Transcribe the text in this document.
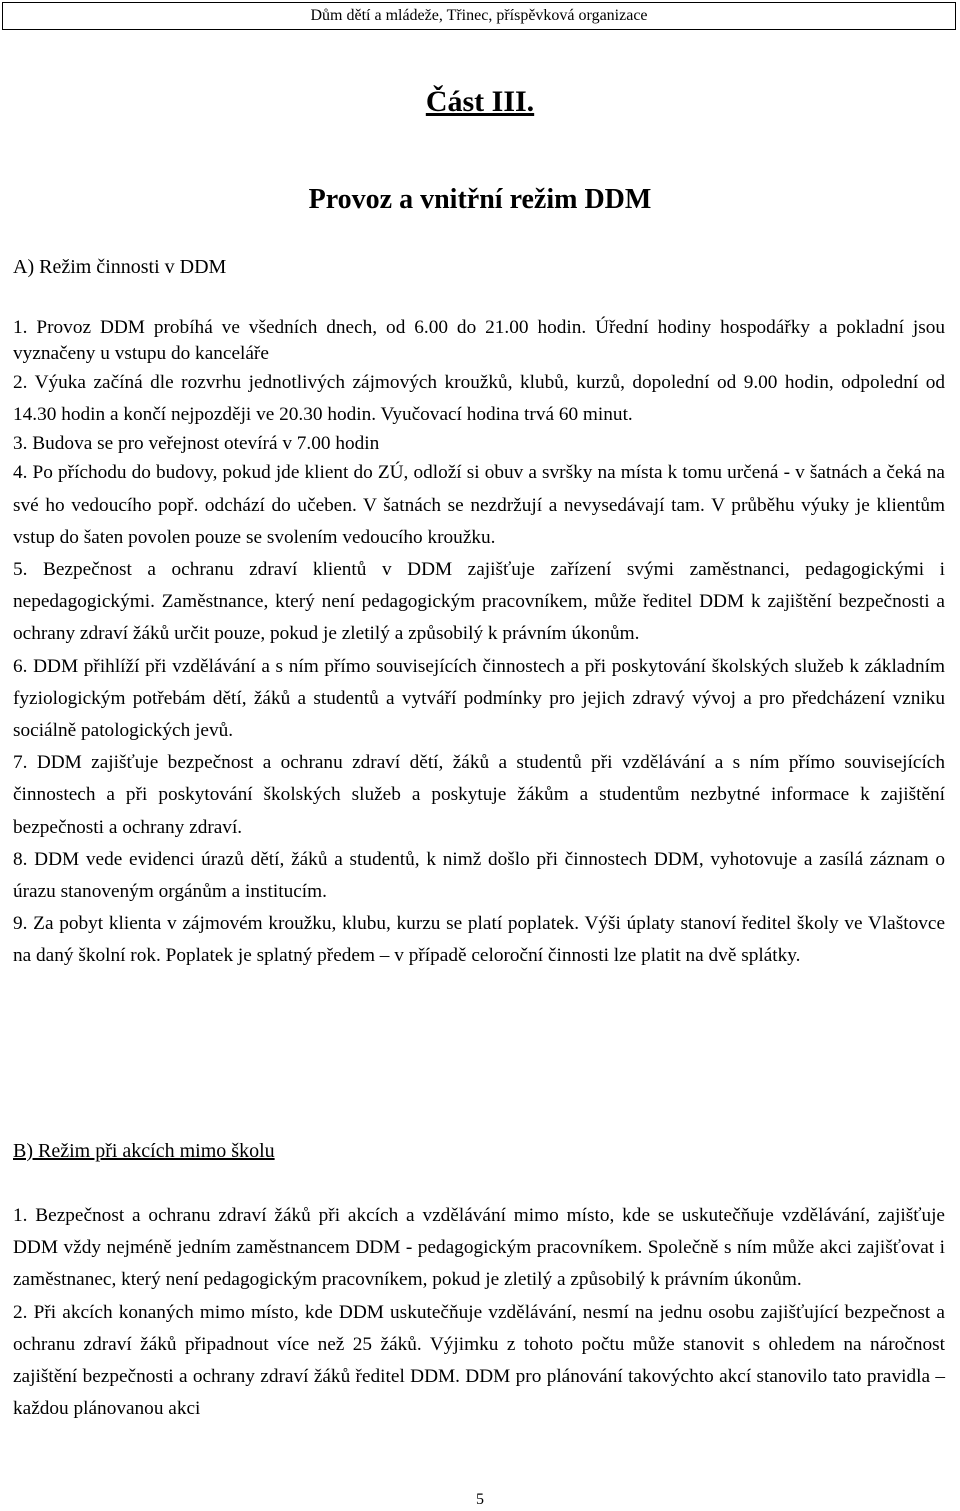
Dům dětí a mládeže, Třinec, příspěvková organizace
Část III.
Provoz a vnitřní režim DDM
A) Režim činnosti v DDM
1. Provoz DDM probíhá ve všedních dnech, od 6.00 do 21.00 hodin. Úřední hodiny hospodářky a pokladní jsou vyznačeny u vstupu do kanceláře
2. Výuka začíná dle rozvrhu jednotlivých zájmových kroužků, klubů, kurzů, dopolední od 9.00 hodin, odpolední od 14.30 hodin a končí nejpozději ve 20.30 hodin. Vyučovací hodina trvá 60 minut.
3. Budova se pro veřejnost otevírá v 7.00 hodin
4. Po příchodu do budovy, pokud jde klient do ZÚ, odloží si obuv a svršky na místa k tomu určená - v šatnách a čeká na své ho vedoucího popř. odchází do učeben. V šatnách se nezdržují a nevysedávají tam. V průběhu výuky je klientům vstup do šaten povolen pouze se svolením vedoucího kroužku.
5. Bezpečnost a ochranu zdraví klientů v DDM zajišťuje zařízení svými zaměstnanci, pedagogickými i nepedagogickými. Zaměstnance, který není pedagogickým pracovníkem, může ředitel DDM k zajištění bezpečnosti a ochrany zdraví žáků určit pouze, pokud je zletilý a způsobilý k právním úkonům.
6. DDM přihlíží při vzdělávání a s ním přímo souvisejících činnostech a při poskytování školských služeb k základním fyziologickým potřebám dětí, žáků a studentů a vytváří podmínky pro jejich zdravý vývoj a pro předcházení vzniku sociálně patologických jevů.
7. DDM zajišťuje bezpečnost a ochranu zdraví dětí, žáků a studentů při vzdělávání a s ním přímo souvisejících činnostech a při poskytování školských služeb a poskytuje žákům a studentům nezbytné informace k zajištění bezpečnosti a ochrany zdraví.
8. DDM vede evidenci úrazů dětí, žáků a studentů, k nimž došlo při činnostech DDM, vyhotovuje a zasílá záznam o úrazu stanoveným orgánům a institucím.
9. Za pobyt klienta v zájmovém kroužku, klubu, kurzu se platí poplatek. Výši úplaty stanoví ředitel školy ve Vlaštovce na daný školní rok. Poplatek je splatný předem – v případě celoroční činnosti lze platit na dvě splátky.
B) Režim při akcích mimo školu
1. Bezpečnost a ochranu zdraví žáků při akcích a vzdělávání mimo místo, kde se uskutečňuje vzdělávání, zajišťuje DDM vždy nejméně jedním zaměstnancem DDM - pedagogickým pracovníkem. Společně s ním může akci zajišťovat i zaměstnanec, který není pedagogickým pracovníkem, pokud je zletilý a způsobilý k právním úkonům.
2. Při akcích konaných mimo místo, kde DDM uskutečňuje vzdělávání, nesmí na jednu osobu zajišťující bezpečnost a ochranu zdraví žáků připadnout více než 25 žáků. Výjimku z tohoto počtu může stanovit s ohledem na náročnost zajištění bezpečnosti a ochrany zdraví žáků ředitel DDM. DDM pro plánování takovýchto akcí stanovilo tato pravidla – každou plánovanou akci
5
